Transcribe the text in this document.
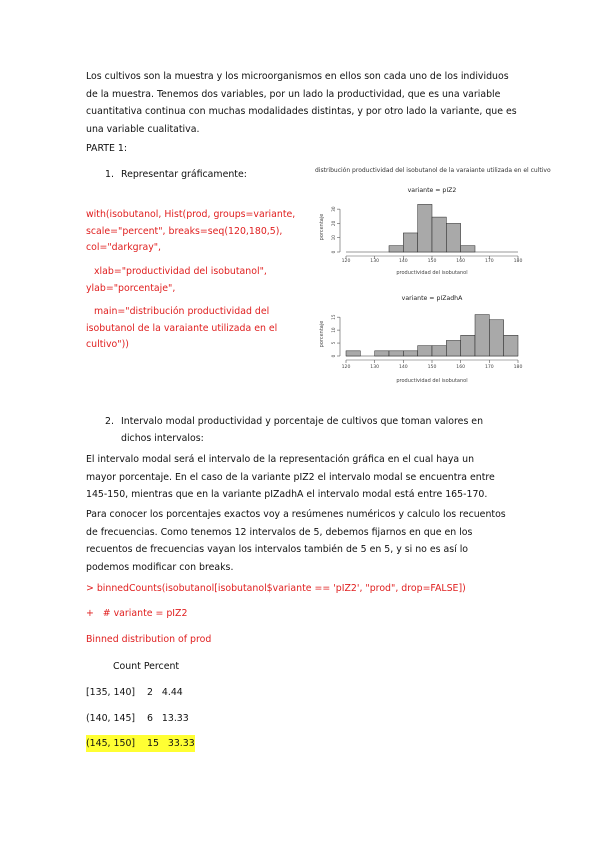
Los cultivos son la muestra y los microorganismos en ellos son cada uno de los individuos de la muestra. Tenemos dos variables, por un lado la productividad, que es una variable cuantitativa continua con muchas modalidades distintas, y por otro lado la variante, que es una variable cualitativa.

PARTE 1:

1. Representar gráficamente:

with(isobutanol, Hist(prod, groups=variante, scale="percent", breaks=seq(120,180,5), col="darkgray",

xlab="productividad del isobutanol", ylab="porcentaje",

main="distribución productividad del isobutanol de la varaiante utilizada en el cultivo"))

distribución productividad del isobutanol de la varaiante utilizada en el cultivo
variante = pIZ2
porcentaje
0
10
20
30
120	130	140	150	160	170	180
productividad del isobutanol
variante = pIZadhA
porcentaje
0
5
10
15
120	130	140	150	160	170	180
productividad del isobutanol
2. Intervalo modal productividad y porcentaje de cultivos que toman valores en dichos intervalos:

El intervalo modal será el intervalo de la representación gráfica en el cual haya un mayor porcentaje. En el caso de la variante pIZ2 el intervalo modal se encuentra entre 145-150, mientras que en la variante pIZadhA el intervalo modal está entre 165-170.

Para conocer los porcentajes exactos voy a resúmenes numéricos y calculo los recuentos de frecuencias. Como tenemos 12 intervalos de 5, debemos fijarnos en que en los recuentos de frecuencias vayan los intervalos también de 5 en 5, y si no es así lo podemos modificar con breaks.

> binnedCounts(isobutanol[isobutanol$variante == 'pIZ2', "prod", drop=FALSE])

+   # variante = pIZ2

Binned distribution of prod

Count Percent

[135, 140]    2   4.44

(140, 145]    6   13.33

(145, 150]    15   33.33
